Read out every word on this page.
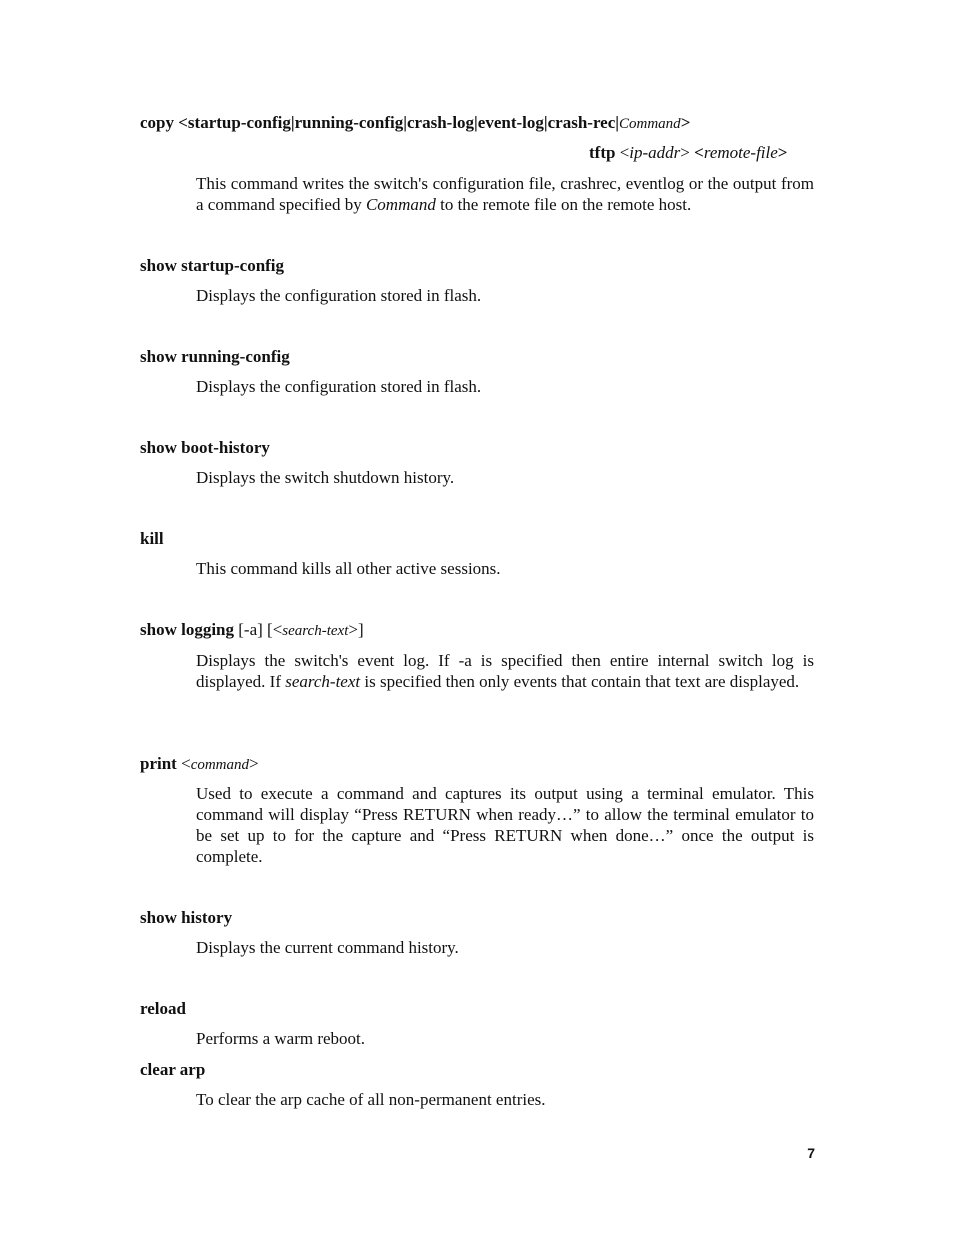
copy <startup-config|running-config|crash-log|event-log|crash-rec|Command>
tftp <ip-addr> <remote-file>
This command writes the switch's configuration file, crashrec, eventlog or the output from a command specified by Command to the remote file on the remote host.
show startup-config
Displays the configuration stored in flash.
show running-config
Displays the configuration stored in flash.
show boot-history
Displays the switch shutdown history.
kill
This command kills all other active sessions.
show logging [-a] [<search-text>]
Displays the switch's event log. If -a is specified then entire internal switch log is displayed. If search-text is specified then only events that contain that text are displayed.
print <command>
Used to execute a command and captures its output using a terminal emulator. This command will display “Press RETURN when ready…” to allow the terminal emulator to be set up to for the capture and “Press RETURN when done…” once the output is complete.
show history
Displays the current command history.
reload
Performs a warm reboot.
clear arp
To clear the arp cache of all non-permanent entries.
7
